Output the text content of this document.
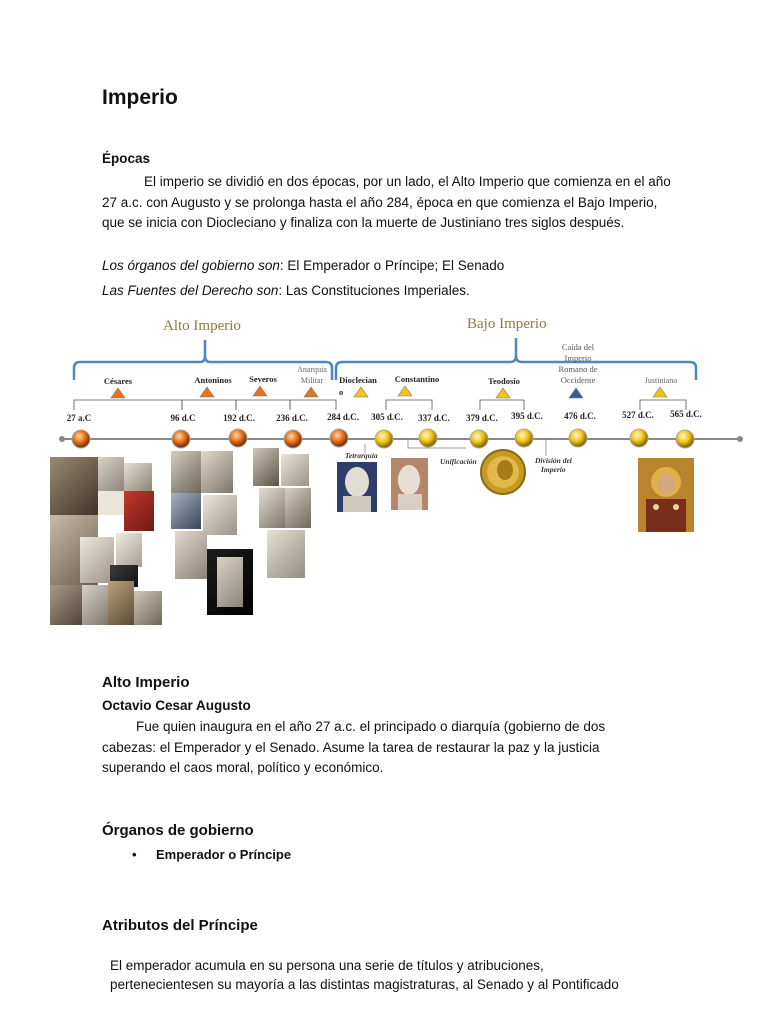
Imperio
Épocas
El imperio se dividió en dos épocas, por un lado, el Alto Imperio que comienza en el año 27 a.c. con Augusto y se prolonga hasta el año 284, época en que comienza el Bajo Imperio, que se inicia con Diocleciano y finaliza con la muerte de Justiniano tres siglos después.
Los órganos del gobierno son: El Emperador o Príncipe; El Senado
Las Fuentes del Derecho son: Las Constituciones Imperiales.
Alto Imperio	Bajo Imperio
Caída del
Imperio
Romano de
Occidente
Césares	Antoninos Severos	Dioclecian
o
Constantino	Teodosio
Anarquía
Militar	Justiniano
27 a.C	96 d.C	192 d.C. 236 d.C. 284 d.C. 305 d.C. 337 d.C. 379 d.C. 395 d.C. 476 d.C.	527 d.C. 565 d.C.
Tetrarquía
Unificación	División del
Imperio
Alto Imperio
Octavio Cesar Augusto
Fue quien inaugura en el año 27 a.c. el principado o diarquía (gobierno de dos cabezas: el Emperador y el Senado. Asume la tarea de restaurar la paz y la justicia superando el caos moral, político y económico.
Órganos de gobierno
• Emperador o Príncipe
Atributos del Príncipe
El emperador acumula en su persona una serie de títulos y atribuciones,
pertenecientesen su mayoría a las distintas magistraturas, al Senado y al Pontificado
